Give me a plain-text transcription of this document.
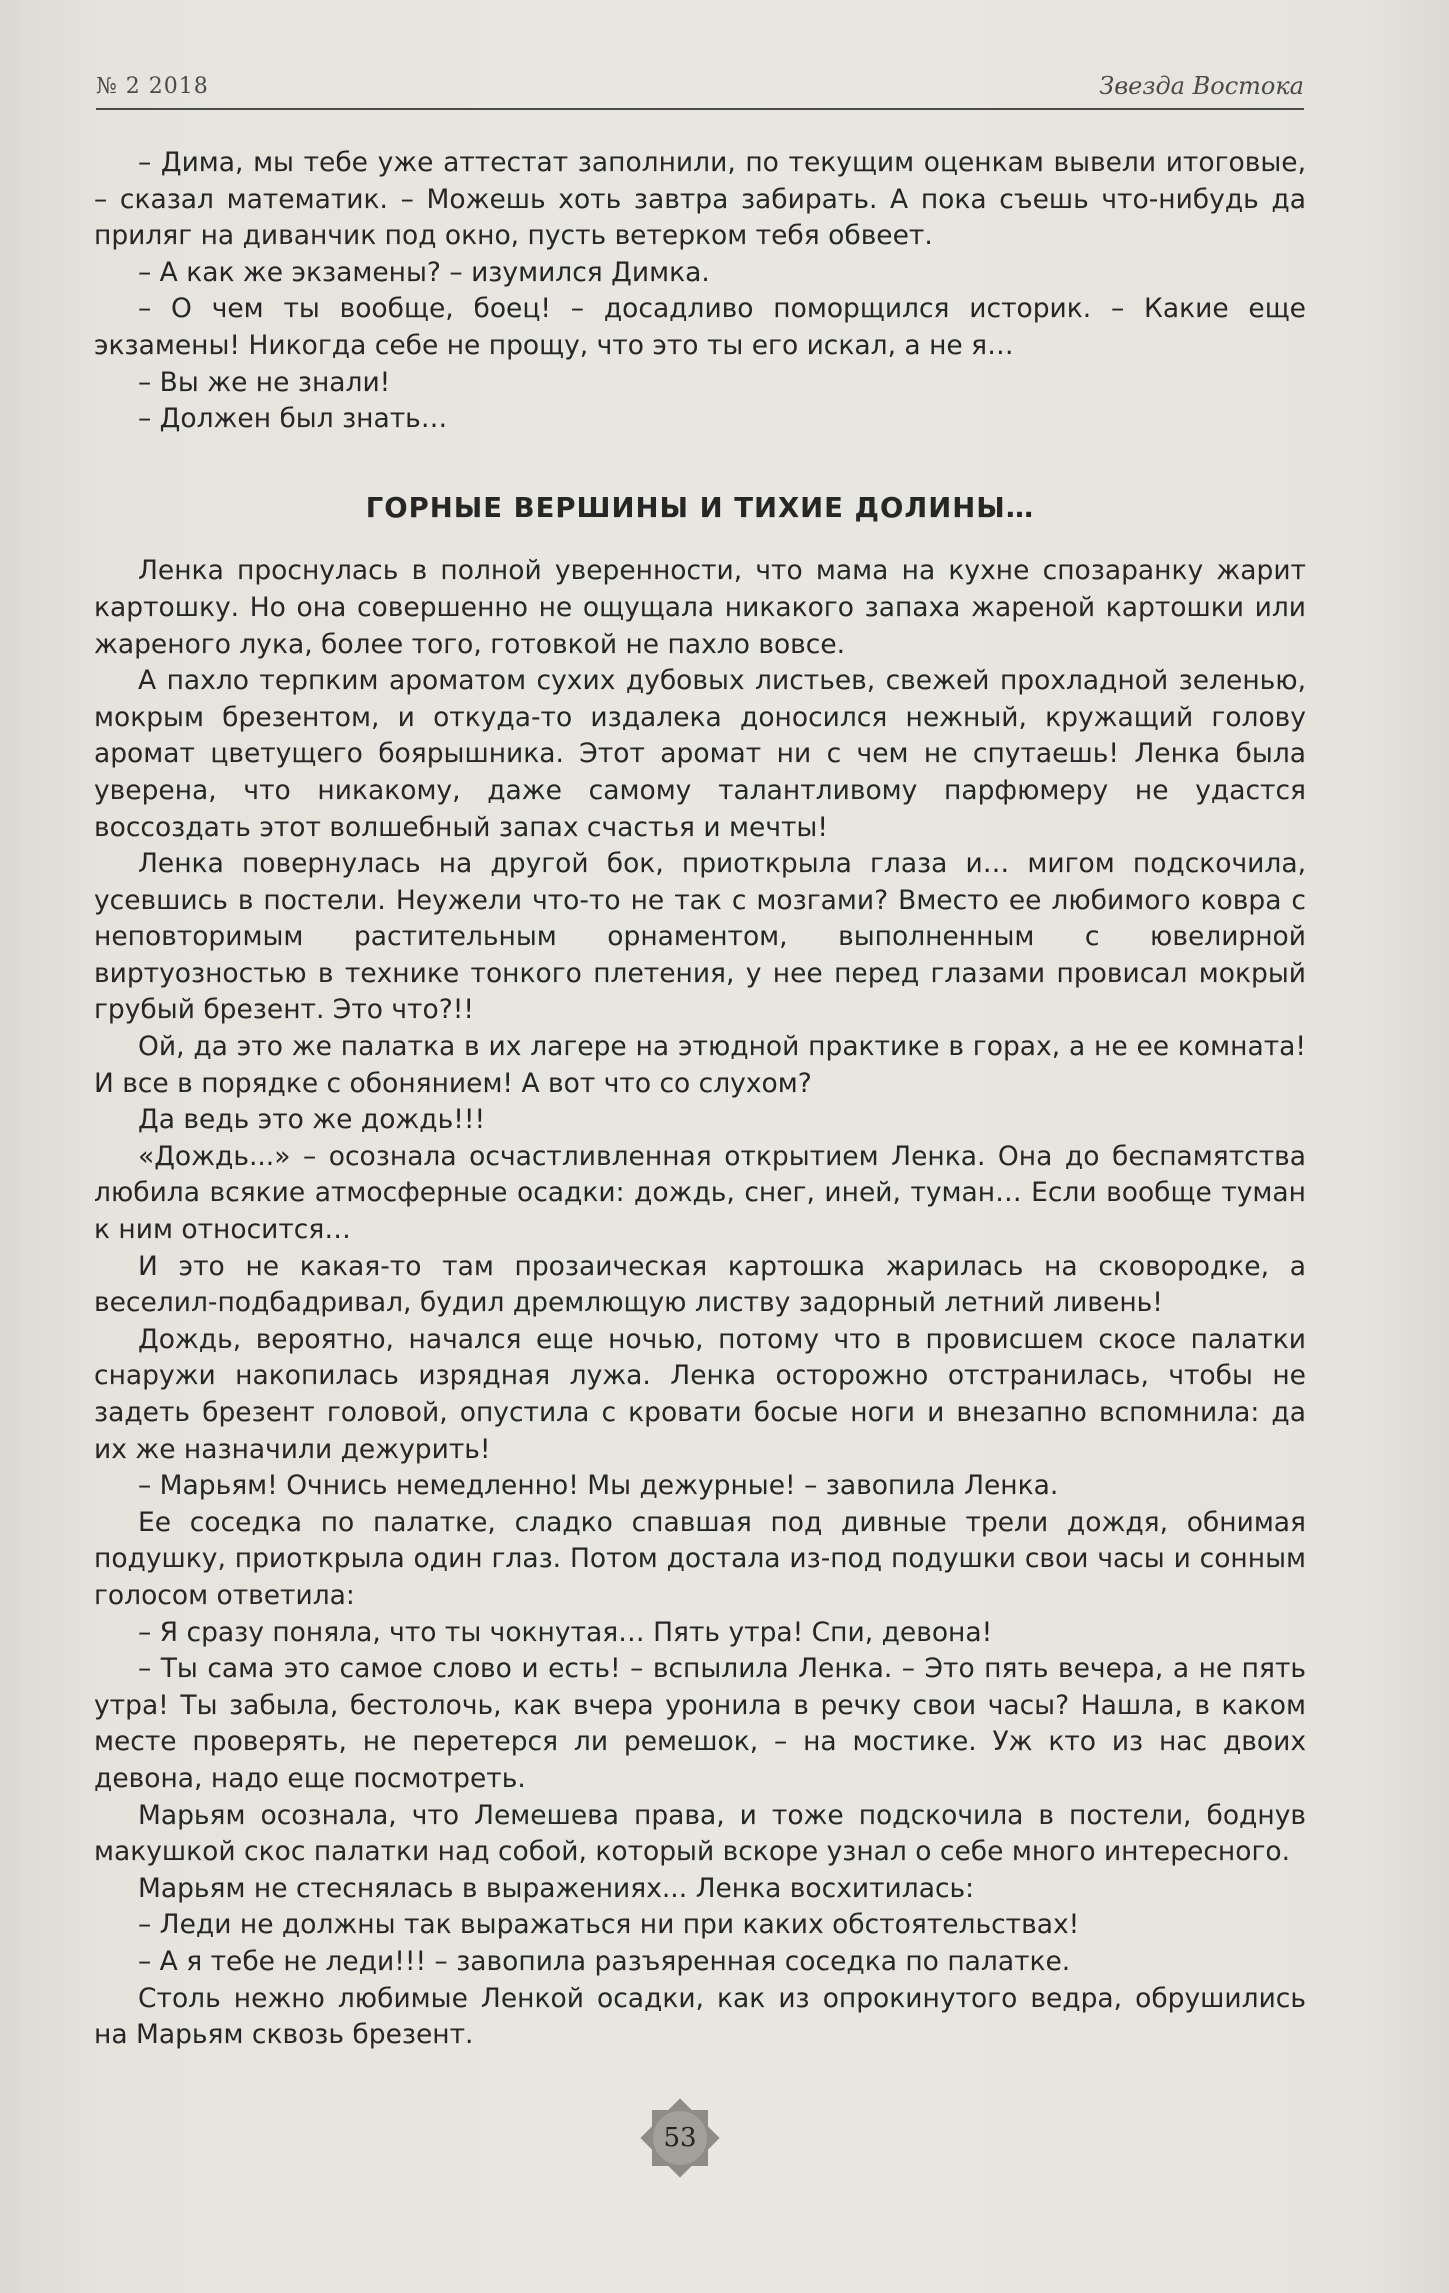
№ 2 2018	Звезда Востока

– Дима, мы тебе уже аттестат заполнили, по текущим оценкам вывели итоговые, – сказал математик. – Можешь хоть завтра забирать. А пока съешь что-нибудь да приляг на диванчик под окно, пусть ветерком тебя обвеет.

– А как же экзамены? – изумился Димка.

– О чем ты вообще, боец! – досадливо поморщился историк. – Какие еще экзамены! Никогда себе не прощу, что это ты его искал, а не я…

– Вы же не знали!

– Должен был знать…

ГОРНЫЕ ВЕРШИНЫ И ТИХИЕ ДОЛИНЫ…

Ленка проснулась в полной уверенности, что мама на кухне спозаранку жарит картошку. Но она совершенно не ощущала никакого запаха жареной картошки или жареного лука, более того, готовкой не пахло вовсе.

А пахло терпким ароматом сухих дубовых листьев, свежей прохладной зеленью, мокрым брезентом, и откуда-то издалека доносился нежный, кружащий голову аромат цветущего боярышника. Этот аромат ни с чем не спутаешь! Ленка была уверена, что никакому, даже самому талантливому парфюмеру не удастся воссоздать этот волшебный запах счастья и мечты!

Ленка повернулась на другой бок, приоткрыла глаза и… мигом подскочила, усевшись в постели. Неужели что-то не так с мозгами? Вместо ее любимого ковра с неповторимым растительным орнаментом, выполненным с ювелирной виртуозностью в технике тонкого плетения, у нее перед глазами провисал мокрый грубый брезент. Это что?!!

Ой, да это же палатка в их лагере на этюдной практике в горах, а не ее комната! И все в порядке с обонянием! А вот что со слухом?

Да ведь это же дождь!!!

«Дождь...» – осознала осчастливленная открытием Ленка. Она до беспамятства любила всякие атмосферные осадки: дождь, снег, иней, туман… Если вообще туман к ним относится…

И это не какая-то там прозаическая картошка жарилась на сковородке, а веселил-подбадривал, будил дремлющую листву задорный летний ливень!

Дождь, вероятно, начался еще ночью, потому что в провисшем скосе палатки снаружи накопилась изрядная лужа. Ленка осторожно отстранилась, чтобы не задеть брезент головой, опустила с кровати босые ноги и внезапно вспомнила: да их же назначили дежурить!

– Марьям! Очнись немедленно! Мы дежурные! – завопила Ленка.

Ее соседка по палатке, сладко спавшая под дивные трели дождя, обнимая подушку, приоткрыла один глаз. Потом достала из-под подушки свои часы и сонным голосом ответила:

– Я сразу поняла, что ты чокнутая… Пять утра! Спи, девона!

– Ты сама это самое слово и есть! – вспылила Ленка. – Это пять вечера, а не пять утра! Ты забыла, бестолочь, как вчера уронила в речку свои часы? Нашла, в каком месте проверять, не перетерся ли ремешок, – на мостике. Уж кто из нас двоих девона, надо еще посмотреть.

Марьям осознала, что Лемешева права, и тоже подскочила в постели, боднув макушкой скос палатки над собой, который вскоре узнал о себе много интересного.

Марьям не стеснялась в выражениях... Ленка восхитилась:

– Леди не должны так выражаться ни при каких обстоятельствах!

– А я тебе не леди!!! – завопила разъяренная соседка по палатке.

Столь нежно любимые Ленкой осадки, как из опрокинутого ведра, обрушились на Марьям сквозь брезент.

53
